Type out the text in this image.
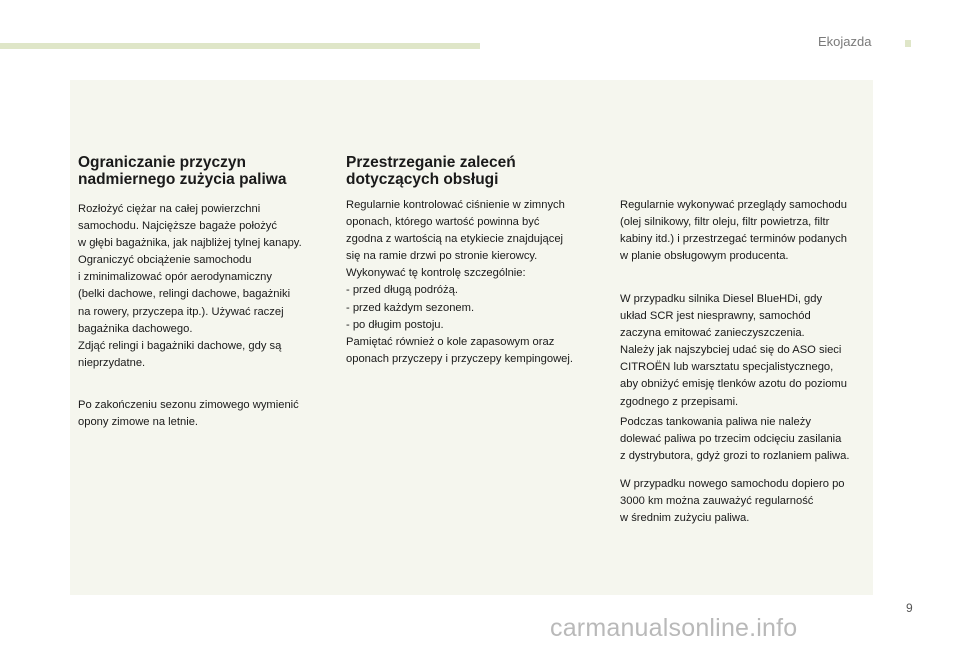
Ekojazda
Ograniczanie przyczyn
nadmiernego zużycia paliwa

Rozłożyć ciężar na całej powierzchni
samochodu. Najcięższe bagaże położyć
w głębi bagażnika, jak najbliżej tylnej kanapy.
Ograniczyć obciążenie samochodu
i zminimalizować opór aerodynamiczny
(belki dachowe, relingi dachowe, bagażniki
na rowery, przyczepa itp.). Używać raczej
bagażnika dachowego.
Zdjąć relingi i bagażniki dachowe, gdy są
nieprzydatne.

Po zakończeniu sezonu zimowego wymienić
opony zimowe na letnie.

Przestrzeganie zaleceń
dotyczących obsługi

Regularnie kontrolować ciśnienie w zimnych
oponach, którego wartość powinna być
zgodna z wartością na etykiecie znajdującej
się na ramie drzwi po stronie kierowcy.
Wykonywać tę kontrolę szczególnie:
- przed długą podróżą.
- przed każdym sezonem.
- po długim postoju.
Pamiętać również o kole zapasowym oraz
oponach przyczepy i przyczepy kempingowej.

Regularnie wykonywać przeglądy samochodu
(olej silnikowy, filtr oleju, filtr powietrza, filtr
kabiny itd.) i przestrzegać terminów podanych
w planie obsługowym producenta.

W przypadku silnika Diesel BlueHDi, gdy
układ SCR jest niesprawny, samochód
zaczyna emitować zanieczyszczenia.
Należy jak najszybciej udać się do ASO sieci
CITROËN lub warsztatu specjalistycznego,
aby obniżyć emisję tlenków azotu do poziomu
zgodnego z przepisami.

Podczas tankowania paliwa nie należy
dolewać paliwa po trzecim odcięciu zasilania
z dystrybutora, gdyż grozi to rozlaniem paliwa.

W przypadku nowego samochodu dopiero po
3000 km można zauważyć regularność
w średnim zużyciu paliwa.

9
carmanualsonline.info
